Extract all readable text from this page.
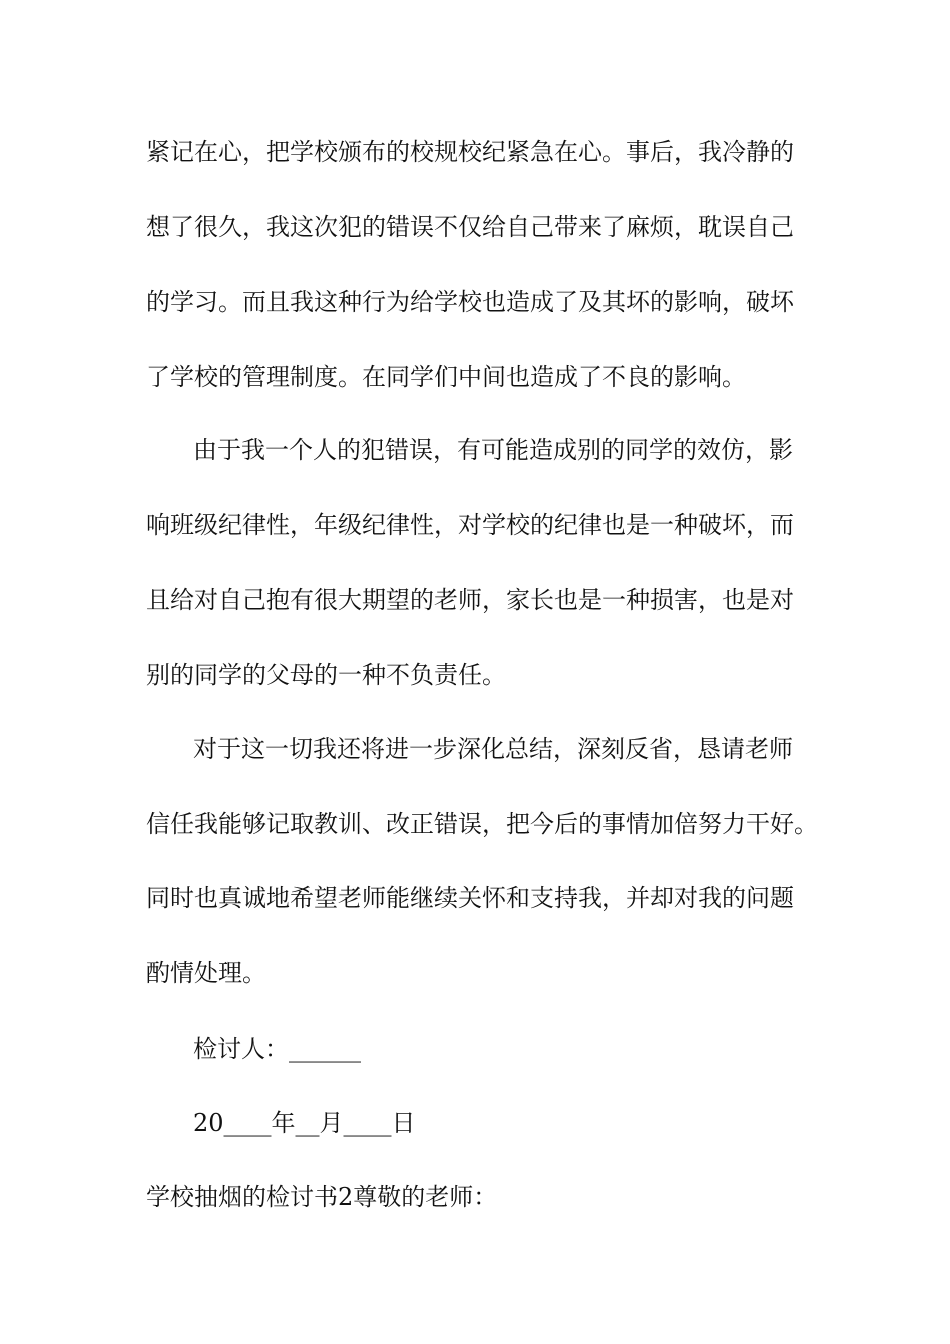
紧记在心，把学校颁布的校规校纪紧急在心。事后，我冷静的
想了很久，我这次犯的错误不仅给自己带来了麻烦，耽误自己
的学习。而且我这种行为给学校也造成了及其坏的影响，破坏
了学校的管理制度。在同学们中间也造成了不良的影响。
由于我一个人的犯错误，有可能造成别的同学的效仿，影
响班级纪律性，年级纪律性，对学校的纪律也是一种破坏，而
且给对自己抱有很大期望的老师，家长也是一种损害，也是对
别的同学的父母的一种不负责任。
对于这一切我还将进一步深化总结，深刻反省，恳请老师
信任我能够记取教训、改正错误，把今后的事情加倍努力干好。
同时也真诚地希望老师能继续关怀和支持我，并却对我的问题
酌情处理。
检讨人：______
20____年__月____日
学校抽烟的检讨书2尊敬的老师：
